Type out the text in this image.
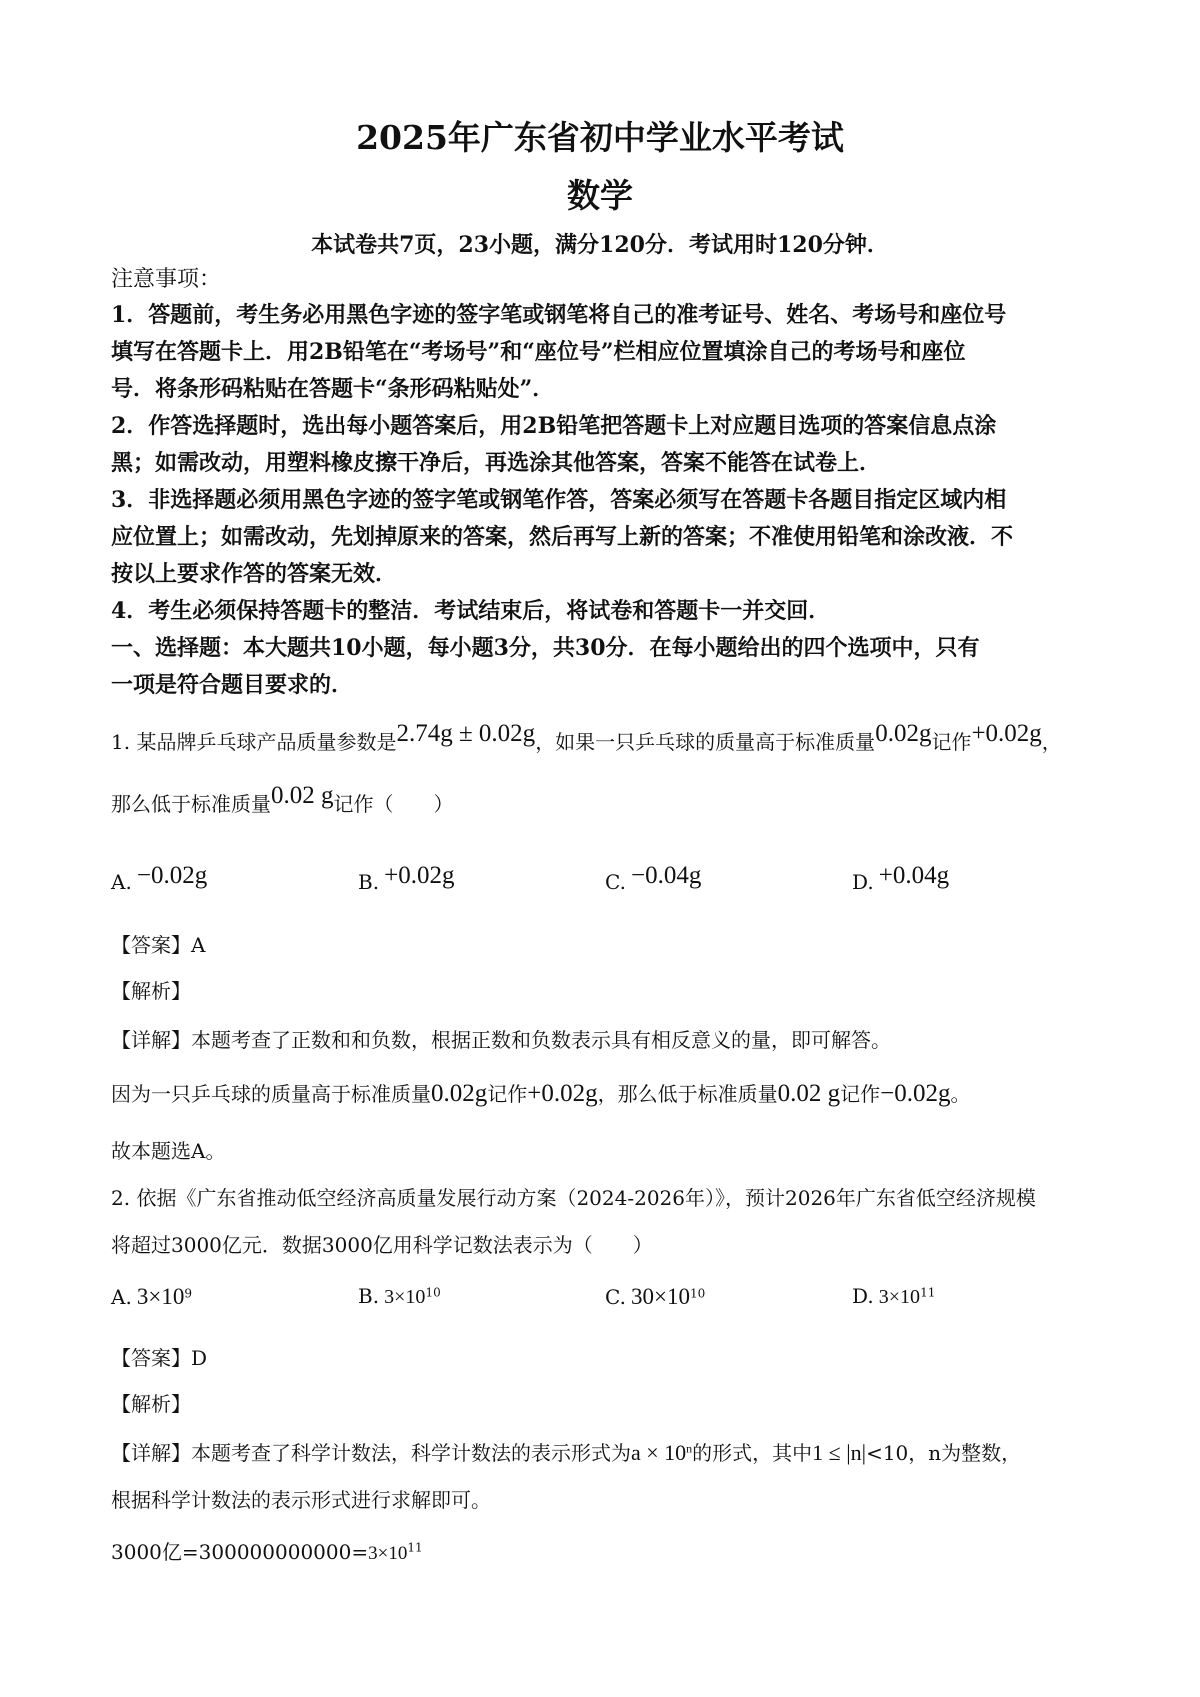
2025年广东省初中学业水平考试
数学
本试卷共7页，23小题，满分120分．考试用时120分钟．
注意事项：
1．答题前，考生务必用黑色字迹的签字笔或钢笔将自己的准考证号、姓名、考场号和座位号
填写在答题卡上．用2B铅笔在“考场号”和“座位号”栏相应位置填涂自己的考场号和座位
号．将条形码粘贴在答题卡“条形码粘贴处”．
2．作答选择题时，选出每小题答案后，用2B铅笔把答题卡上对应题目选项的答案信息点涂
黑；如需改动，用塑料橡皮擦干净后，再选涂其他答案，答案不能答在试卷上．
3．非选择题必须用黑色字迹的签字笔或钢笔作答，答案必须写在答题卡各题目指定区域内相
应位置上；如需改动，先划掉原来的答案，然后再写上新的答案；不准使用铅笔和涂改液．不
按以上要求作答的答案无效．
4．考生必须保持答题卡的整洁．考试结束后，将试卷和答题卡一并交回．
一、选择题：本大题共10小题，每小题3分，共30分．在每小题给出的四个选项中，只有
一项是符合题目要求的．
1. 某品牌乒乓球产品质量参数是2.74g ± 0.02g，如果一只乒乓球的质量高于标准质量0.02g记作+0.02g，
那么低于标准质量0.02 g记作（　　）
A. −0.02g	B. +0.02g	C. −0.04g	D. +0.04g
【答案】A
【解析】
【详解】本题考查了正数和和负数，根据正数和负数表示具有相反意义的量，即可解答。
因为一只乒乓球的质量高于标准质量0.02g记作+0.02g，那么低于标准质量0.02 g记作−0.02g。
故本题选A。
2. 依据《广东省推动低空经济高质量发展行动方案（2024-2026年）》，预计2026年广东省低空经济规模
将超过3000亿元．数据3000亿用科学记数法表示为（　　）
A. $3\times 10^9$	B. $3\times 10^{10}$	C. $30\times 10^{10}$	D. $3\times 10^{11}$
【答案】D
【解析】
【详解】本题考查了科学计数法，科学计数法的表示形式为$a \times 10^n$的形式，其中1 ≤ |n|<10，n为整数，
根据科学计数法的表示形式进行求解即可。
3000亿$=300000000000=3\times 10^{11}$
